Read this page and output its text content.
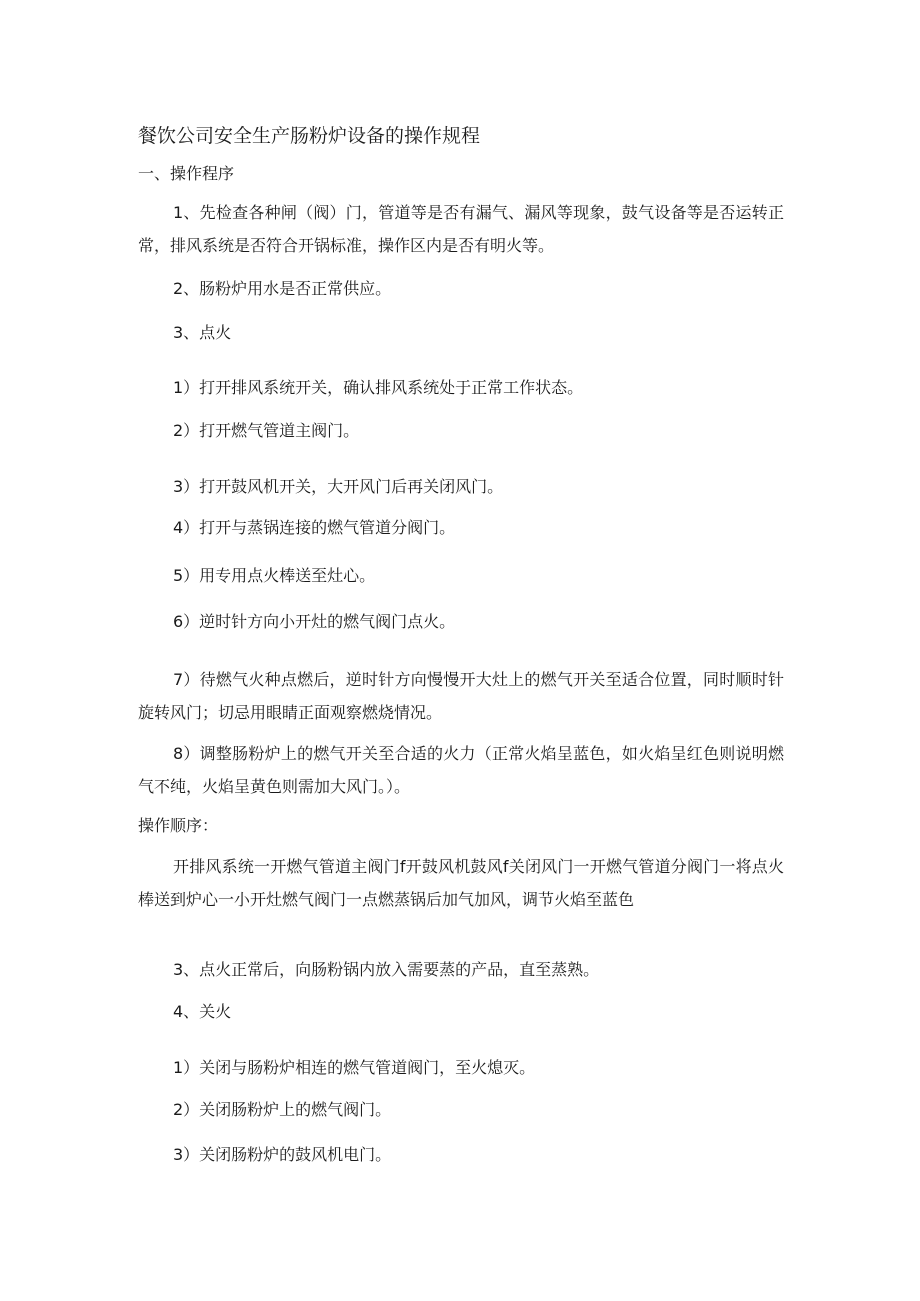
餐饮公司安全生产肠粉炉设备的操作规程

一、操作程序

1、先检查各种闸（阀）门，管道等是否有漏气、漏风等现象，鼓气设备等是否运转正常，排风系统是否符合开锅标准，操作区内是否有明火等。

2、肠粉炉用水是否正常供应。

3、点火

1）打开排风系统开关，确认排风系统处于正常工作状态。

2）打开燃气管道主阀门。

3）打开鼓风机开关，大开风门后再关闭风门。

4）打开与蒸锅连接的燃气管道分阀门。

5）用专用点火棒送至灶心。

6）逆时针方向小开灶的燃气阀门点火。

7）待燃气火种点燃后，逆时针方向慢慢开大灶上的燃气开关至适合位置，同时顺时针旋转风门；切忌用眼睛正面观察燃烧情况。

8）调整肠粉炉上的燃气开关至合适的火力（正常火焰呈蓝色，如火焰呈红色则说明燃气不纯，火焰呈黄色则需加大风门。）。

操作顺序：

开排风系统一开燃气管道主阀门f开鼓风机鼓风f关闭风门一开燃气管道分阀门一将点火棒送到炉心一小开灶燃气阀门一点燃蒸锅后加气加风，调节火焰至蓝色

3、点火正常后，向肠粉锅内放入需要蒸的产品，直至蒸熟。

4、关火

1）关闭与肠粉炉相连的燃气管道阀门，至火熄灭。

2）关闭肠粉炉上的燃气阀门。

3）关闭肠粉炉的鼓风机电门。
